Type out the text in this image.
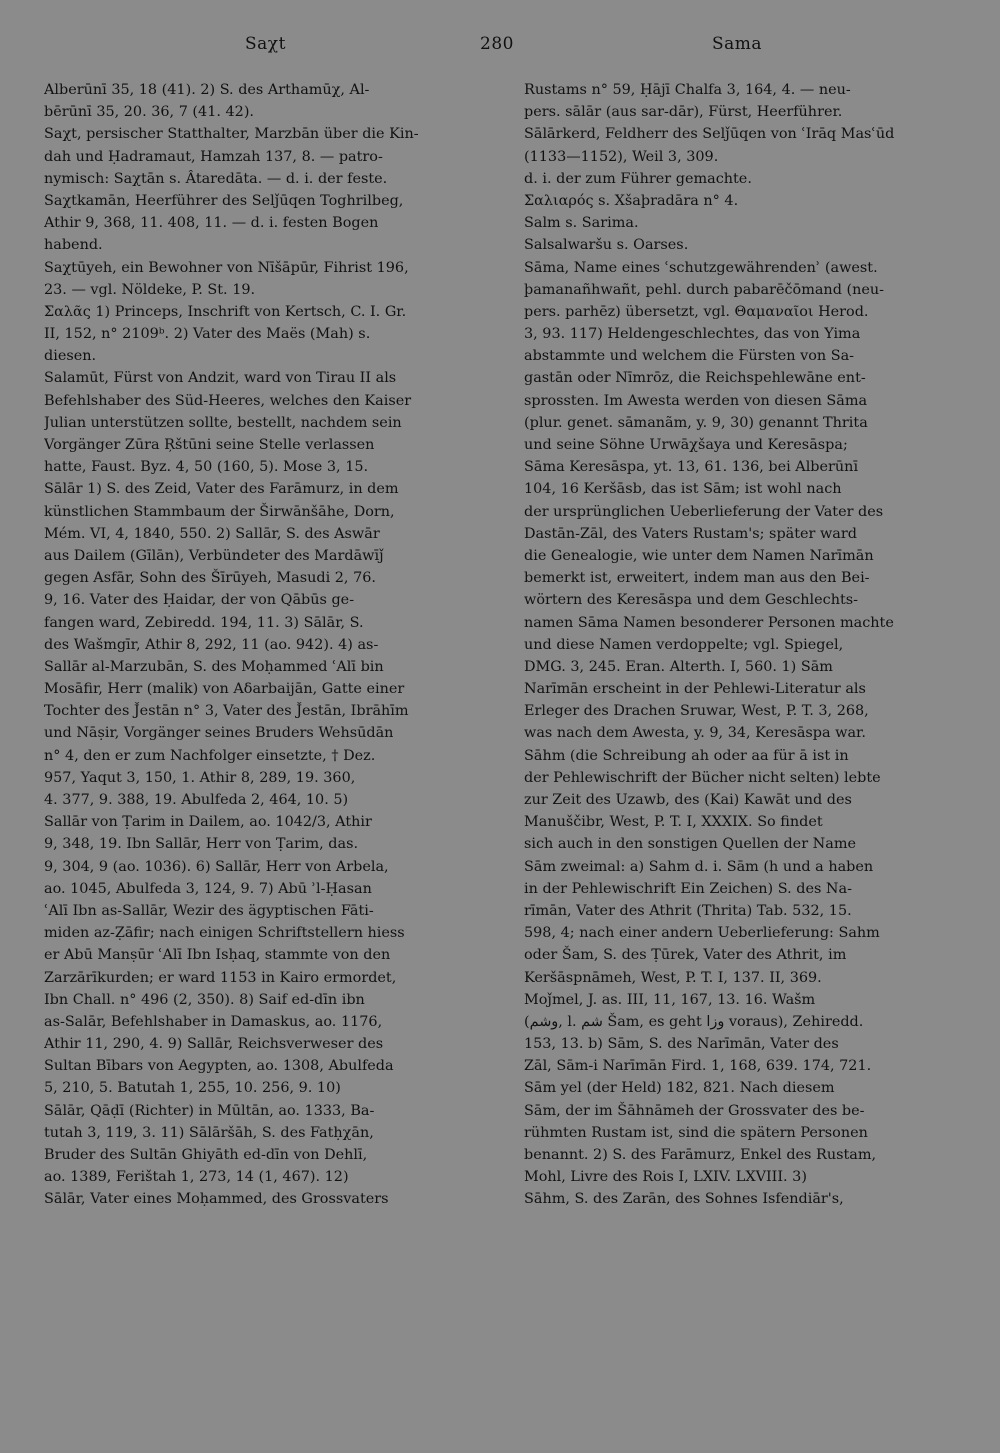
Saχt	280	Sama
Alberūnī 35, 18 (41). 2) S. des Arthamūχ, Al-
bērūnī 35, 20. 36, 7 (41. 42).
Saχt, persischer Statthalter, Marzbān über die Kin-
dah und Ḥadramaut, Hamzah 137, 8. — patro-
nymisch: Saχtān s. Âtaredāta. — d. i. der feste.
Saχtkamān, Heerführer des Selǰūqen Toghrilbeg,
Athir 9, 368, 11. 408, 11. — d. i. festen Bogen
habend.
Saχtūyeh, ein Bewohner von Nīšāpūr, Fihrist 196,
23. — vgl. Nöldeke, P. St. 19.
Σαλᾶς 1) Princeps, Inschrift von Kertsch, C. I. Gr.
II, 152, n° 2109ᵇ. 2) Vater des Maës (Mah) s.
diesen.
Salamūt, Fürst von Andzit, ward von Tirau II als
Befehlshaber des Süd-Heeres, welches den Kaiser
Julian unterstützen sollte, bestellt, nachdem sein
Vorgänger Zūra Ŗštūni seine Stelle verlassen
hatte, Faust. Byz. 4, 50 (160, 5). Mose 3, 15.
Sālār 1) S. des Zeid, Vater des Farāmurz, in dem
künstlichen Stammbaum der Širwānšāhe, Dorn,
Mém. VI, 4, 1840, 550. 2) Sallār, S. des Aswār
aus Dailem (Gīlān), Verbündeter des Mardāwīǰ
gegen Asfār, Sohn des Šīrūyeh, Masudi 2, 76.
9, 16. Vater des Ḥaidar, der von Qābūs ge-
fangen ward, Zebiredd. 194, 11. 3) Sālār, S.
des Wašmgīr, Athir 8, 292, 11 (ao. 942). 4) as-
Sallār al-Marzubān, S. des Moḥammed ʿAlī bin
Mosāfir, Herr (malik) von Aδarbaijān, Gatte einer
Tochter des J̌estān n° 3, Vater des J̌estān, Ibrāhīm
und Nāṣir, Vorgänger seines Bruders Wehsūdān
n° 4, den er zum Nachfolger einsetzte, † Dez.
957, Yaqut 3, 150, 1. Athir 8, 289, 19. 360,
4. 377, 9. 388, 19. Abulfeda 2, 464, 10. 5)
Sallār von Ṭarim in Dailem, ao. 1042/3, Athir
9, 348, 19. Ibn Sallār, Herr von Ṭarim, das.
9, 304, 9 (ao. 1036). 6) Sallār, Herr von Arbela,
ao. 1045, Abulfeda 3, 124, 9. 7) Abū ʾl-Ḥasan
ʿAlī Ibn as-Sallār, Wezir des ägyptischen Fāti-
miden az-Ẓāfir; nach einigen Schriftstellern hiess
er Abū Manṣūr ʿAlī Ibn Isḥaq, stammte von den
Zarzārīkurden; er ward 1153 in Kairo ermordet,
Ibn Chall. n° 496 (2, 350). 8) Saif ed-dīn ibn
as-Salār, Befehlshaber in Damaskus, ao. 1176,
Athir 11, 290, 4. 9) Sallār, Reichsverweser des
Sultan Bībars von Aegypten, ao. 1308, Abulfeda
5, 210, 5. Batutah 1, 255, 10. 256, 9. 10)
Sālār, Qāḍī (Richter) in Mūltān, ao. 1333, Ba-
tutah 3, 119, 3. 11) Sālāršāh, S. des Fatḥχān,
Bruder des Sultān Ghiyāth ed-dīn von Dehlī,
ao. 1389, Ferištah 1, 273, 14 (1, 467). 12)
Sālār, Vater eines Moḥammed, des Grossvaters
Rustams n° 59, Ḥājī Chalfa 3, 164, 4. — neu-
pers. sālār (aus sar-dār), Fürst, Heerführer.
Sālārkerd, Feldherr des Selǰūqen von ʿIrāq Masʿūd
(1133—1152), Weil 3, 309.
d. i. der zum Führer gemachte.
Σαλιαρός s. Xšaþradāra n° 4.
Salm s. Sarima.
Salsalwaršu s. Oarses.
Sāma, Name eines ʿschutzgewährendenʾ (awest.
þamanañhwañt, pehl. durch pabarēčōmand (neu-
pers. parhēz) übersetzt, vgl. Θαμαναῖοι Herod.
3, 93. 117) Heldengeschlechtes, das von Yima
abstammte und welchem die Fürsten von Sa-
gastān oder Nīmrōz, die Reichspehlewāne ent-
sprossten. Im Awesta werden von diesen Sāma
(plur. genet. sāmanãm, y. 9, 30) genannt Thrita
und seine Söhne Urwāχšaya und Keresāspa;
Sāma Keresāspa, yt. 13, 61. 136, bei Alberūnī
104, 16 Keršāsb, das ist Sām; ist wohl nach
der ursprünglichen Ueberlieferung der Vater des
Dastān-Zāl, des Vaters Rustam's; später ward
die Genealogie, wie unter dem Namen Narīmān
bemerkt ist, erweitert, indem man aus den Bei-
wörtern des Keresāspa und dem Geschlechts-
namen Sāma Namen besonderer Personen machte
und diese Namen verdoppelte; vgl. Spiegel,
DMG. 3, 245. Eran. Alterth. I, 560. 1) Sām
Narīmān erscheint in der Pehlewi-Literatur als
Erleger des Drachen Sruwar, West, P. T. 3, 268,
was nach dem Awesta, y. 9, 34, Keresāspa war.
Sāhm (die Schreibung ah oder aa für ā ist in
der Pehlewischrift der Bücher nicht selten) lebte
zur Zeit des Uzawb, des (Kai) Kawāt und des
Manuščibr, West, P. T. I, XXXIX. So findet
sich auch in den sonstigen Quellen der Name
Sām zweimal: a) Sahm d. i. Sām (h und a haben
in der Pehlewischrift Ein Zeichen) S. des Na-
rīmān, Vater des Athrit (Thrita) Tab. 532, 15.
598, 4; nach einer andern Ueberlieferung: Sahm
oder Šam, S. des Ṭūrek, Vater des Athrit, im
Keršāspnāmeh, West, P. T. I, 137. II, 369.
Moǰmel, J. as. III, 11, 167, 13. 16. Wašm
(وشم, l. شم Šam, es geht وزا voraus), Zehiredd.
153, 13. b) Sām, S. des Narīmān, Vater des
Zāl, Sām-i Narīmān Fird. 1, 168, 639. 174, 721.
Sām yel (der Held) 182, 821. Nach diesem
Sām, der im Šāhnāmeh der Grossvater des be-
rühmten Rustam ist, sind die spätern Personen
benannt. 2) S. des Farāmurz, Enkel des Rustam,
Mohl, Livre des Rois I, LXIV. LXVIII. 3)
Sāhm, S. des Zarān, des Sohnes Isfendiār's,
